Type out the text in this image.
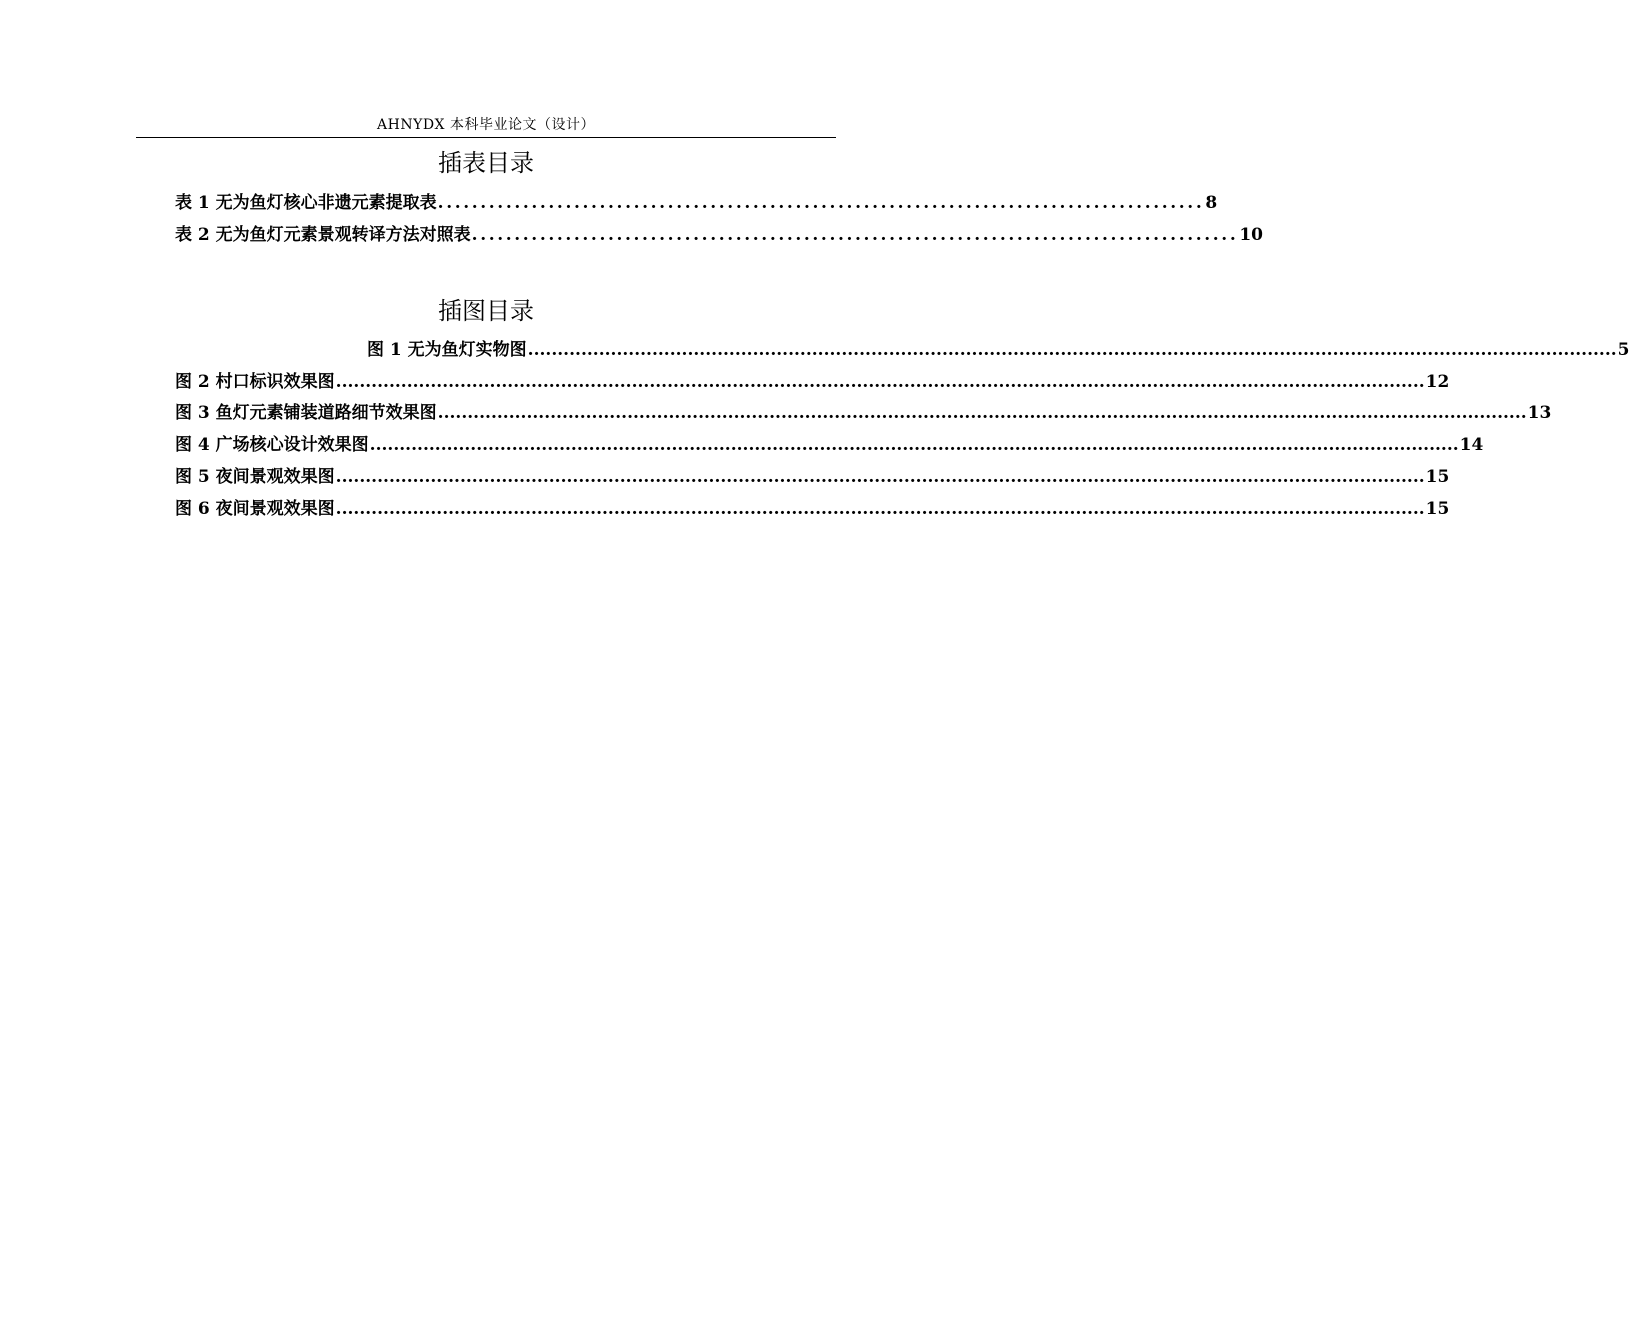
AHNYDX 本科毕业论文（设计）
插表目录
表 1 无为鱼灯核心非遗元素提取表 .......................................................................................... 8
表 2 无为鱼灯元素景观转译方法对照表 .......................................................................................... 10
插图目录
图 1 无为鱼灯实物图 ........................................................................................................................................................................................ 5
图 2 村口标识效果图 ........................................................................................................................................................................................ 12
图 3 鱼灯元素铺装道路细节效果图 ........................................................................................................................................................................................ 13
图 4 广场核心设计效果图 ........................................................................................................................................................................................ 14
图 5 夜间景观效果图 ........................................................................................................................................................................................ 15
图 6 夜间景观效果图 ........................................................................................................................................................................................ 15
